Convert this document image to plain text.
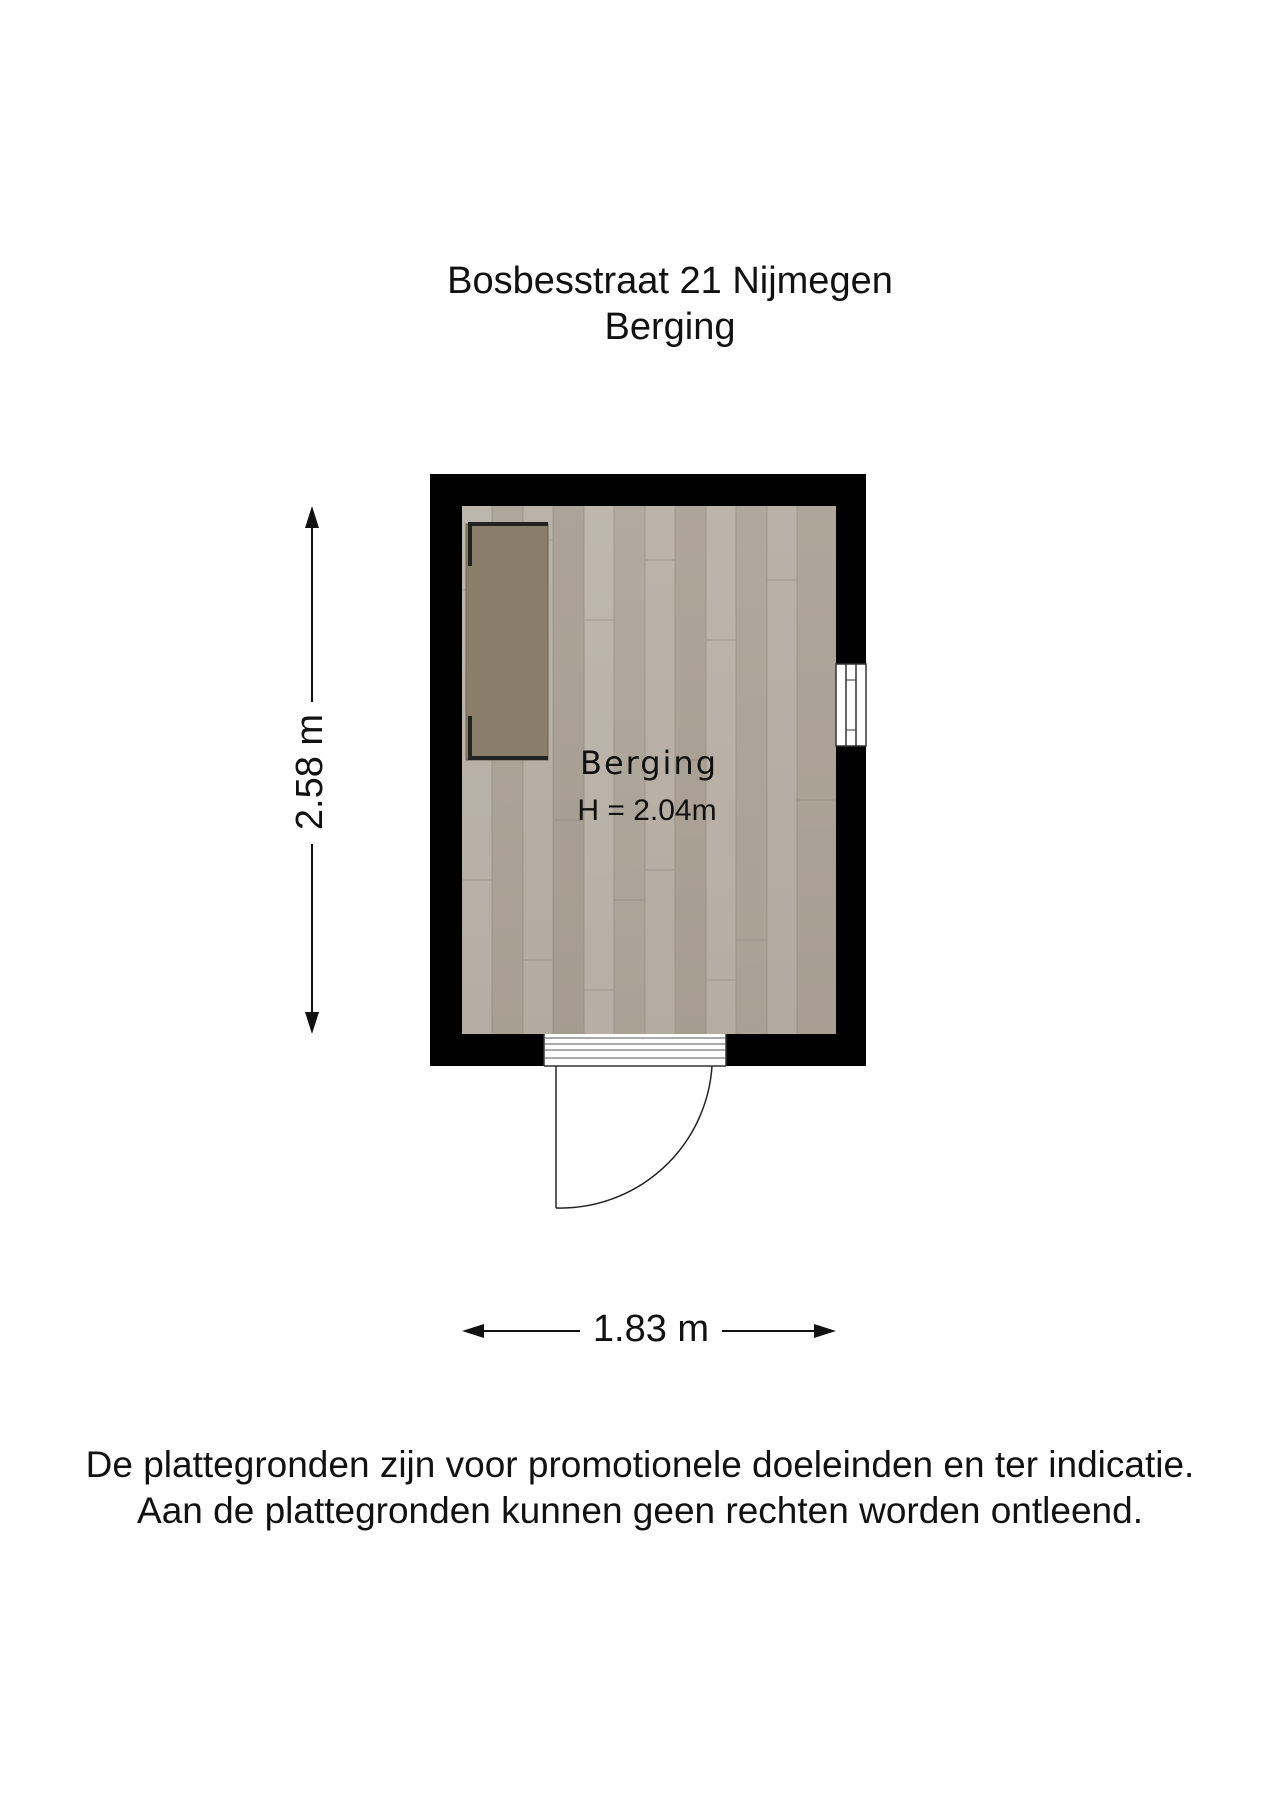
Bosbesstraat 21 Nijmegen
Berging
2.58 m
1.83 m
Berging
H = 2.04m
De plattegronden zijn voor promotionele doeleinden en ter indicatie.
Aan de plattegronden kunnen geen rechten worden ontleend.
